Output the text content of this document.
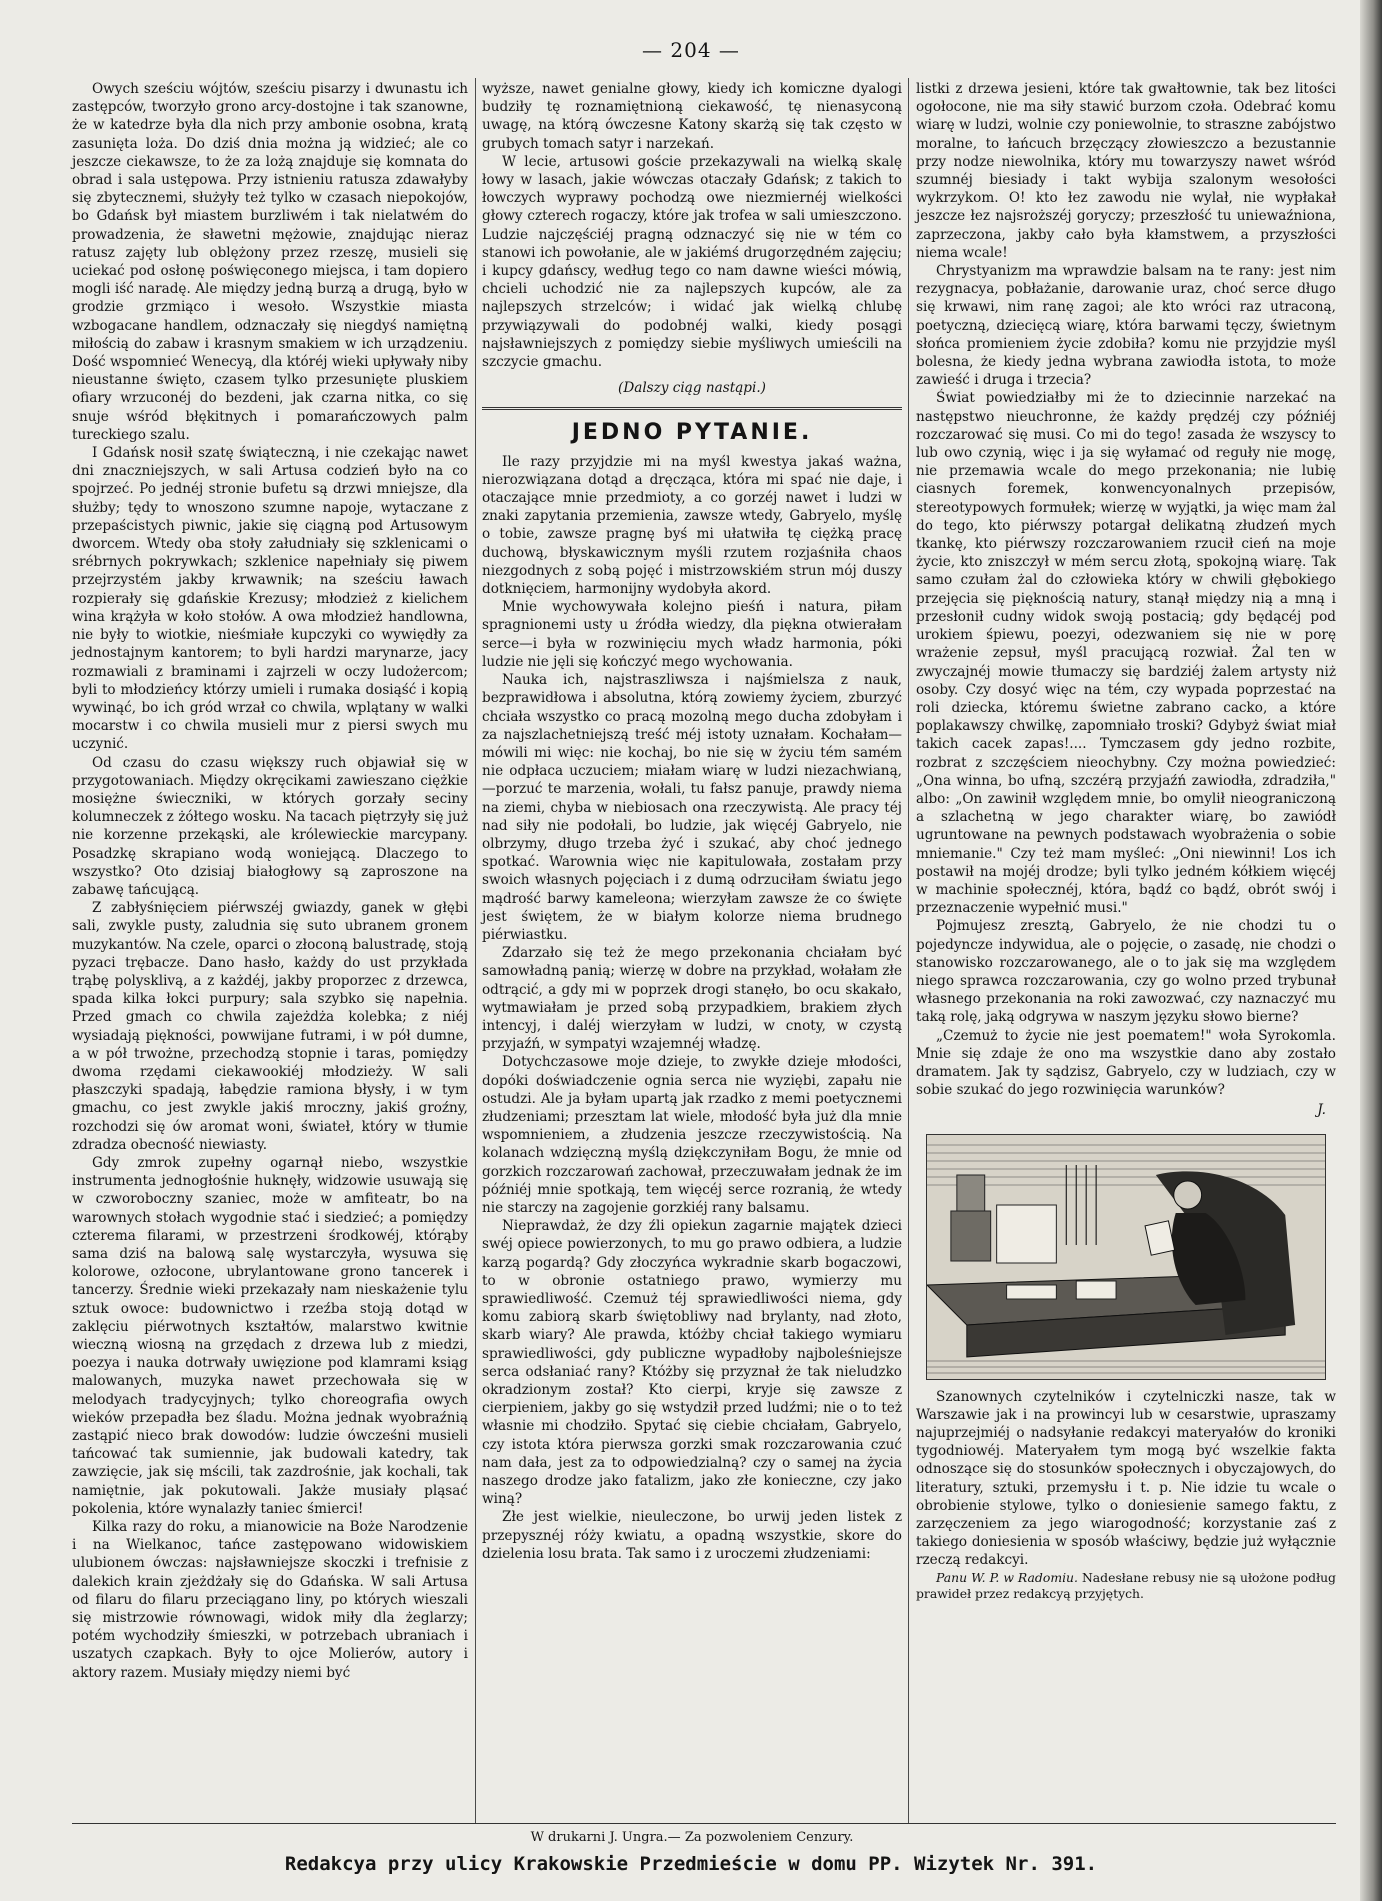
— 204 —

Owych sześciu wójtów, sześciu pisarzy i dwunastu ich zastępców, tworzyło grono arcy-dostojne i tak szanowne, że w katedrze była dla nich przy ambonie osobna, kratą zasunięta loża. Do dziś dnia można ją widzieć; ale co jeszcze ciekawsze, to że za lożą znajduje się komnata do obrad i sala ustępowa. Przy istnieniu ratusza zdawałyby się zbytecznemi, służyły też tylko w czasach niepokojów, bo Gdańsk był miastem burzliwém i tak nielatwém do prowadzenia, że sławetni mężowie, znajdując nieraz ratusz zajęty lub oblężony przez rzeszę, musieli się uciekać pod osłonę poświęconego miejsca, i tam dopiero mogli iść naradę. Ale między jedną burzą a drugą, było w grodzie grzmiąco i wesoło. Wszystkie miasta wzbogacane handlem, odznaczały się niegdyś namiętną miłością do zabaw i krasnym smakiem w ich urządzeniu. Dość wspomnieć Wenecyą, dla któréj wieki upływały niby nieustanne święto, czasem tylko przesunięte pluskiem ofiary wrzuconéj do bezdeni, jak czarna nitka, co się snuje wśród błękitnych i pomarańczowych palm tureckiego szalu.

I Gdańsk nosił szatę świąteczną, i nie czekając nawet dni znaczniejszych, w sali Artusa codzień było na co spojrzeć. Po jednéj stronie bufetu są drzwi mniejsze, dla służby; tędy to wnoszono szumne napoje, wytaczane z przepaścistych piwnic, jakie się ciągną pod Artusowym dworcem. Wtedy oba stoły załudniały się szklenicami o srébrnych pokrywkach; szklenice napełniały się piwem przejrzystém jakby krwawnik; na sześciu ławach rozpierały się gdańskie Krezusy; młodzież z kielichem wina krążyła w koło stołów. A owa młodzież handlowna, nie były to wiotkie, nieśmiałe kupczyki co wywiędły za jednostajnym kantorem; to byli hardzi marynarze, jacy rozmawiali z braminami i zajrzeli w oczy ludożercom; byli to młodzieńcy którzy umieli i rumaka dosiąść i kopią wywinąć, bo ich gród wrzał co chwila, wplątany w walki mocarstw i co chwila musieli mur z piersi swych mu uczynić.

Od czasu do czasu większy ruch objawiał się w przygotowaniach. Między okręcikami zawieszano ciężkie mosiężne świeczniki, w których gorzały seciny kolumneczek z żółtego wosku. Na tacach piętrzyły się już nie korzenne przekąski, ale królewieckie marcypany. Posadzkę skrapiano wodą woniejącą. Dlaczego to wszystko? Oto dzisiaj białogłowy są zaproszone na zabawę tańcującą.

Z zabłyśnięciem piérwszéj gwiazdy, ganek w głębi sali, zwykle pusty, zaludnia się suto ubranem gronem muzykantów. Na czele, oparci o złoconą balustradę, stoją pyzaci trębacze. Dano hasło, każdy do ust przykłada trąbę polysklivą, a z każdéj, jakby proporzec z drzewca, spada kilka łokci purpury; sala szybko się napełnia. Przed gmach co chwila zajeżdża kolebka; z niéj wysiadają piękności, powwijane futrami, i w pół dumne, a w pół trwożne, przechodzą stopnie i taras, pomiędzy dwoma rzędami ciekawookiéj młodzieży. W sali płaszczyki spadają, łabędzie ramiona błysły, i w tym gmachu, co jest zwykle jakiś mroczny, jakiś groźny, rozchodzi się ów aromat woni, świateł, który w tłumie zdradza obecność niewiasty.

Gdy zmrok zupełny ogarnął niebo, wszystkie instrumenta jednogłośnie huknęły, widzowie usuwają się w czworoboczny szaniec, może w amfiteatr, bo na warownych stołach wygodnie stać i siedzieć; a pomiędzy czterema filarami, w przestrzeni środkowéj, którąby sama dziś na balową salę wystarczyła, wysuwa się kolorowe, ozłocone, ubrylantowane grono tancerek i tancerzy. Średnie wieki przekazały nam nieskażenie tylu sztuk owoce: budownictwo i rzeźba stoją dotąd w zaklęciu piérwotnych kształtów, malarstwo kwitnie wieczną wiosną na grzędach z drzewa lub z miedzi, poezya i nauka dotrwały uwięzione pod klamrami ksiąg malowanych, muzyka nawet przechowała się w melodyach tradycyjnych; tylko choreografia owych wieków przepadła bez śladu. Można jednak wyobraźnią zastąpić nieco brak dowodów: ludzie ówcześni musieli tańcować tak sumiennie, jak budowali katedry, tak zawzięcie, jak się mścili, tak zazdrośnie, jak kochali, tak namiętnie, jak pokutowali. Jakże musiały pląsać pokolenia, które wynalazły taniec śmierci!

Kilka razy do roku, a mianowicie na Boże Narodzenie i na Wielkanoc, tańce zastępowano widowiskiem ulubionem ówczas: najsławniejsze skoczki i trefnisie z dalekich krain zjeżdżały się do Gdańska. W sali Artusa od filaru do filaru przeciągano liny, po których wieszali się mistrzowie równowagi, widok miły dla żeglarzy; potém wychodziły śmieszki, w potrzebach ubraniach i uszatych czapkach. Były to ojce Molierów, autory i aktory razem. Musiały między niemi być

wyższe, nawet genialne głowy, kiedy ich komiczne dyalogi budziły tę roznamiętnioną ciekawość, tę nienasyconą uwagę, na którą ówczesne Katony skarżą się tak często w grubych tomach satyr i narzekań.

W lecie, artusowi goście przekazywali na wielką skalę łowy w lasach, jakie wówczas otaczały Gdańsk; z takich to łowczych wyprawy pochodzą owe niezmiernéj wielkości głowy czterech rogaczy, które jak trofea w sali umieszczono. Ludzie najczęściéj pragną odznaczyć się nie w tém co stanowi ich powołanie, ale w jakiémś drugorzędném zajęciu; i kupcy gdańscy, według tego co nam dawne wieści mówią, chcieli uchodzić nie za najlepszych kupców, ale za najlepszych strzelców; i widać jak wielką chlubę przywiązywali do podobnéj walki, kiedy posągi najsławniejszych z pomiędzy siebie myśliwych umieścili na szczycie gmachu.

(Dalszy ciąg nastąpi.)

JEDNO PYTANIE.

Ile razy przyjdzie mi na myśl kwestya jakaś ważna, nierozwiązana dotąd a dręcząca, która mi spać nie daje, i otaczające mnie przedmioty, a co gorzéj nawet i ludzi w znaki zapytania przemienia, zawsze wtedy, Gabryelo, myślę o tobie, zawsze pragnę byś mi ułatwiła tę ciężką pracę duchową, błyskawicznym myśli rzutem rozjaśniła chaos niezgodnych z sobą pojęć i mistrzowskiém strun mój duszy dotknięciem, harmonijny wydobyła akord.

Mnie wychowywała kolejno pieśń i natura, piłam spragnionemi usty u źródła wiedzy, dla piękna otwierałam serce—i była w rozwinięciu mych władz harmonia, póki ludzie nie jęli się kończyć mego wychowania.

Nauka ich, najstraszliwsza i najśmielsza z nauk, bezprawidłowa i absolutna, którą zowiemy życiem, zburzyć chciała wszystko co pracą mozolną mego ducha zdobyłam i za najszlachetniejszą treść méj istoty uznałam. Kochałam—mówili mi więc: nie kochaj, bo nie się w życiu tém samém nie odpłaca uczuciem; miałam wiarę w ludzi niezachwianą,—porzuć te marzenia, wołali, tu fałsz panuje, prawdy niema na ziemi, chyba w niebiosach ona rzeczywistą. Ale pracy téj nad siły nie podołali, bo ludzie, jak więcéj Gabryelo, nie olbrzymy, długo trzeba żyć i szukać, aby choć jednego spotkać. Warownia więc nie kapitulowała, zostałam przy swoich własnych pojęciach i z dumą odrzuciłam światu jego mądrość barwy kameleona; wierzyłam zawsze że co święte jest świętem, że w białym kolorze niema brudnego piérwiastku.

Zdarzało się też że mego przekonania chciałam być samowładną panią; wierzę w dobre na przykład, wołałam złe odtrącić, a gdy mi w poprzek drogi stanęło, bo ocu skakało, wytmawiałam je przed sobą przypadkiem, brakiem złych intencyj, i daléj wierzyłam w ludzi, w cnoty, w czystą przyjaźń, w sympatyi wzajemnéj władzę.

Dotychczasowe moje dzieje, to zwykłe dzieje młodości, dopóki doświadczenie ognia serca nie wyziębi, zapału nie ostudzi. Ale ja byłam upartą jak rzadko z memi poetycznemi złudzeniami; przesztam lat wiele, młodość była już dla mnie wspomnieniem, a złudzenia jeszcze rzeczywistością. Na kolanach wdzięczną myślą dziękczyniłam Bogu, że mnie od gorzkich rozczarowań zachował, przeczuwałam jednak że im późniéj mnie spotkają, tem więcéj serce rozranią, że wtedy nie starczy na zagojenie gorzkiéj rany balsamu.

Nieprawdaż, że dzy źli opiekun zagarnie majątek dzieci swéj opiece powierzonych, to mu go prawo odbiera, a ludzie karzą pogardą? Gdy złoczyńca wykradnie skarb bogaczowi, to w obronie ostatniego prawo, wymierzy mu sprawiedliwość. Czemuż téj sprawiedliwości niema, gdy komu zabiorą skarb świętobliwy nad brylanty, nad złoto, skarb wiary? Ale prawda, któżby chciał takiego wymiaru sprawiedliwości, gdy publiczne wypadłoby najboleśniejsze serca odsłaniać rany? Któżby się przyznał że tak nieludzko okradzionym został? Kto cierpi, kryje się zawsze z cierpieniem, jakby go się wstydził przed ludźmi; nie o to też własnie mi chodziło. Spytać się ciebie chciałam, Gabryelo, czy istota która pierwsza gorzki smak rozczarowania czuć nam dała, jest za to odpowiedzialną? czy o samej na życia naszego drodze jako fatalizm, jako złe konieczne, czy jako winą?

Złe jest wielkie, nieuleczone, bo urwij jeden listek z przepysznéj róży kwiatu, a opadną wszystkie, skore do dzielenia losu brata. Tak samo i z uroczemi złudzeniami:

listki z drzewa jesieni, które tak gwałtownie, tak bez litości ogołocone, nie ma siły stawić burzom czoła. Odebrać komu wiarę w ludzi, wolnie czy poniewolnie, to straszne zabójstwo moralne, to łańcuch brzęczący złowieszczo a bezustannie przy nodze niewolnika, który mu towarzyszy nawet wśród szumnéj biesiady i takt wybija szalonym wesołości wykrzykom. O! kto łez zawodu nie wylał, nie wypłakał jeszcze łez najsroższéj goryczy; przeszłość tu uniewaźniona, zaprzeczona, jakby cało była kłamstwem, a przyszłości niema wcale!

Chrystyanizm ma wprawdzie balsam na te rany: jest nim rezygnacya, pobłażanie, darowanie uraz, choć serce długo się krwawi, nim ranę zagoi; ale kto wróci raz utraconą, poetyczną, dziecięcą wiarę, która barwami tęczy, świetnym słońca promieniem życie zdobiła? komu nie przyjdzie myśl bolesna, że kiedy jedna wybrana zawiodła istota, to może zawieść i druga i trzecia?

Świat powiedziałby mi że to dziecinnie narzekać na następstwo nieuchronne, że każdy prędzéj czy późniéj rozczarować się musi. Co mi do tego! zasada że wszyscy to lub owo czynią, więc i ja się wyłamać od reguły nie mogę, nie przemawia wcale do mego przekonania; nie lubię ciasnych foremek, konwencyonalnych przepisów, stereotypowych formułek; wierzę w wyjątki, ja więc mam żal do tego, kto piérwszy potargał delikatną złudzeń mych tkankę, kto piérwszy rozczarowaniem rzucił cień na moje życie, kto zniszczył w mém sercu złotą, spokojną wiarę. Tak samo czułam żal do człowieka który w chwili głębokiego przejęcia się pięknością natury, stanął między nią a mną i przesłonił cudny widok swoją postacią; gdy będącéj pod urokiem śpiewu, poezyi, odezwaniem się nie w porę wrażenie zepsuł, myśl pracującą rozwiał. Żal ten w zwyczajnéj mowie tłumaczy się bardziéj żalem artysty niż osoby. Czy dosyć więc na tém, czy wypada poprzestać na roli dziecka, któremu świetne zabrano cacko, a które poplakawszy chwilkę, zapomniało troski? Gdybyż świat miał takich cacek zapas!.... Tymczasem gdy jedno rozbite, rozbrat z szczęściem nieochybny. Czy można powiedzieć: „Ona winna, bo ufną, szczérą przyjaźń zawiodła, zdradziła," albo: „On zawinił względem mnie, bo omylił nieograniczoną a szlachetną w jego charakter wiarę, bo zawiódł ugruntowane na pewnych podstawach wyobrażenia o sobie mniemanie." Czy też mam myśleć: „Oni niewinni! Los ich postawił na mojéj drodze; byli tylko jedném kółkiem więcéj w machinie społecznéj, która, bądź co bądź, obrót swój i przeznaczenie wypełnić musi."

Pojmujesz zresztą, Gabryelo, że nie chodzi tu o pojedyncze indywidua, ale o pojęcie, o zasadę, nie chodzi o stanowisko rozczarowanego, ale o to jak się ma względem niego sprawca rozczarowania, czy go wolno przed trybunał własnego przekonania na roki zawozwać, czy naznaczyć mu taką rolę, jaką odgrywa w naszym języku słowo bierne?

„Czemuż to życie nie jest poematem!" woła Syrokomla. Mnie się zdaje że ono ma wszystkie dano aby zostało dramatem. Jak ty sądzisz, Gabryelo, czy w ludziach, czy w sobie szukać do jego rozwinięcia warunków?

J.

Szanownych czytelników i czytelniczki nasze, tak w Warszawie jak i na prowincyi lub w cesarstwie, upraszamy najuprzejmiéj o nadsyłanie redakcyi materyałów do kroniki tygodniowéj. Materyałem tym mogą być wszelkie fakta odnoszące się do stosunków społecznych i obyczajowych, do literatury, sztuki, przemysłu i t. p. Nie idzie tu wcale o obrobienie stylowe, tylko o doniesienie samego faktu, z zarzęczeniem za jego wiarogodność; korzystanie zaś z takiego doniesienia w sposób właściwy, będzie już wyłącznie rzeczą redakcyi.

Panu W. P. w Radomiu. Nadesłane rebusy nie są ułożone podług prawideł przez redakcyą przyjętych.

W drukarni J. Ungra.— Za pozwoleniem Cenzury.
Redakcya przy ulicy Krakowskie Przedmieście w domu PP. Wizytek Nr. 391.
